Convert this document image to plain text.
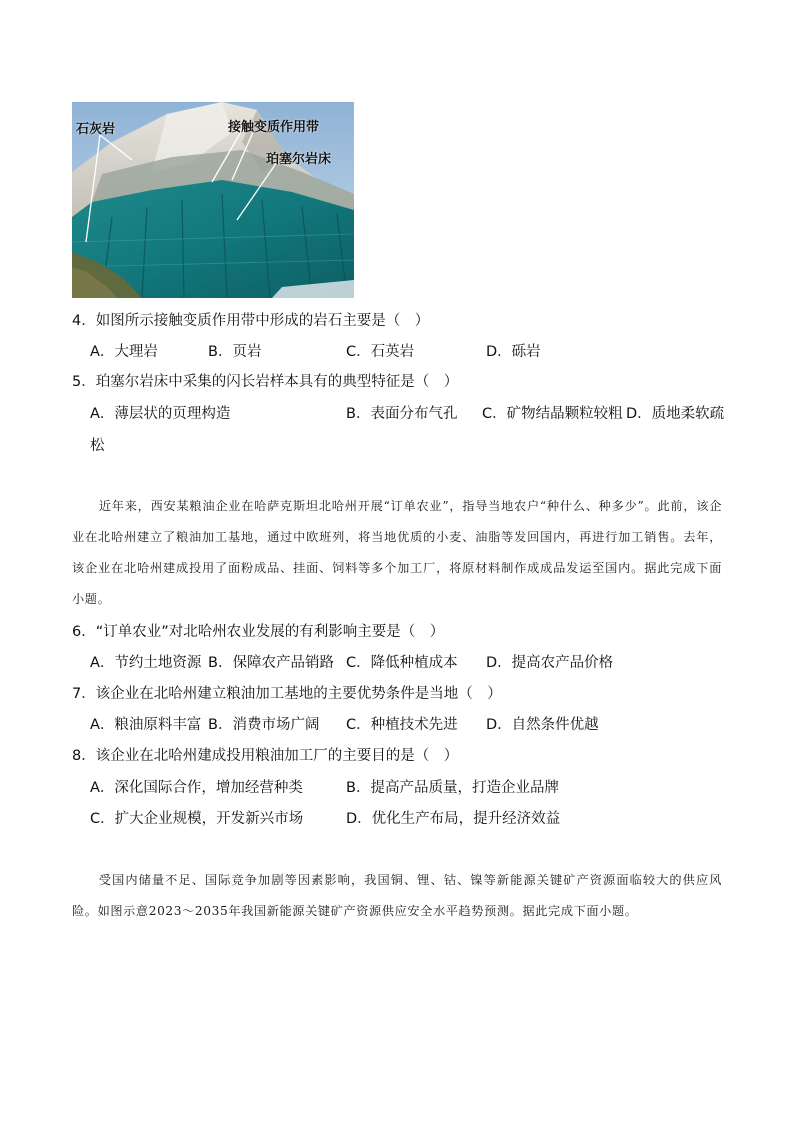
石灰岩	接触变质作用带
珀塞尔岩床
4．如图所示接触变质作用带中形成的岩石主要是（　）
A．大理岩	B．页岩	C．石英岩	D．砾岩
5．珀塞尔岩床中采集的闪长岩样本具有的典型特征是（　）
A．薄层状的页理构造	B．表面分布气孔 C．矿物结晶颗粒较粗 D．质地柔软疏
松
近年来，西安某粮油企业在哈萨克斯坦北哈州开展“订单农业”，指导当地农户“种什么、种多少”。此前，该企业在北哈州建立了粮油加工基地，通过中欧班列，将当地优质的小麦、油脂等发回国内，再进行加工销售。去年，该企业在北哈州建成投用了面粉成品、挂面、饲料等多个加工厂，将原材料制作成成品发运至国内。据此完成下面小题。
6．“订单农业”对北哈州农业发展的有利影响主要是（　）
A．节约土地资源 B．保障农产品销路 C．降低种植成本 D．提高农产品价格
7．该企业在北哈州建立粮油加工基地的主要优势条件是当地（　）
A．粮油原料丰富 B．消费市场广阔 C．种植技术先进 D．自然条件优越
8．该企业在北哈州建成投用粮油加工厂的主要目的是（　）
A．深化国际合作，增加经营种类	B．提高产品质量，打造企业品牌
C．扩大企业规模，开发新兴市场	D．优化生产布局，提升经济效益
受国内储量不足、国际竞争加剧等因素影响，我国铜、锂、钴、镍等新能源关键矿产资源面临较大的供应风险。如图示意2023～2035年我国新能源关键矿产资源供应安全水平趋势预测。据此完成下面小题。
